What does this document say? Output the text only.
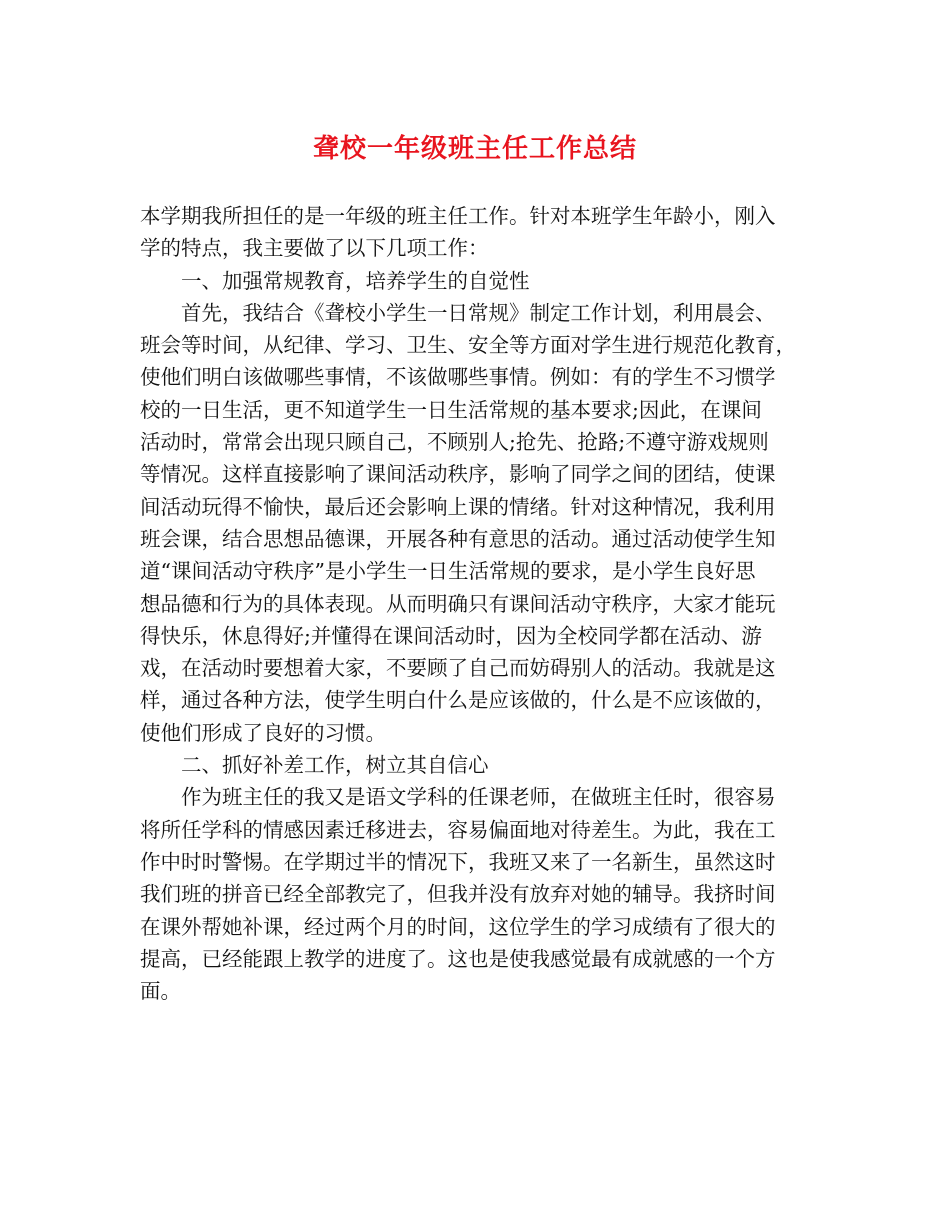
聋校一年级班主任工作总结
本学期我所担任的是一年级的班主任工作。针对本班学生年龄小，刚入
学的特点，我主要做了以下几项工作：
一、加强常规教育，培养学生的自觉性
首先，我结合《聋校小学生一日常规》制定工作计划，利用晨会、
班会等时间，从纪律、学习、卫生、安全等方面对学生进行规范化教育，
使他们明白该做哪些事情，不该做哪些事情。例如：有的学生不习惯学
校的一日生活，更不知道学生一日生活常规的基本要求;因此，在课间
活动时，常常会出现只顾自己，不顾别人;抢先、抢路;不遵守游戏规则
等情况。这样直接影响了课间活动秩序，影响了同学之间的团结，使课
间活动玩得不愉快，最后还会影响上课的情绪。针对这种情况，我利用
班会课，结合思想品德课，开展各种有意思的活动。通过活动使学生知
道“课间活动守秩序”是小学生一日生活常规的要求，是小学生良好思
想品德和行为的具体表现。从而明确只有课间活动守秩序，大家才能玩
得快乐，休息得好;并懂得在课间活动时，因为全校同学都在活动、游
戏，在活动时要想着大家，不要顾了自己而妨碍别人的活动。我就是这
样，通过各种方法，使学生明白什么是应该做的，什么是不应该做的，
使他们形成了良好的习惯。
二、抓好补差工作，树立其自信心
作为班主任的我又是语文学科的任课老师，在做班主任时，很容易
将所任学科的情感因素迁移进去，容易偏面地对待差生。为此，我在工
作中时时警惕。在学期过半的情况下，我班又来了一名新生，虽然这时
我们班的拼音已经全部教完了，但我并没有放弃对她的辅导。我挤时间
在课外帮她补课，经过两个月的时间，这位学生的学习成绩有了很大的
提高，已经能跟上教学的进度了。这也是使我感觉最有成就感的一个方
面。
